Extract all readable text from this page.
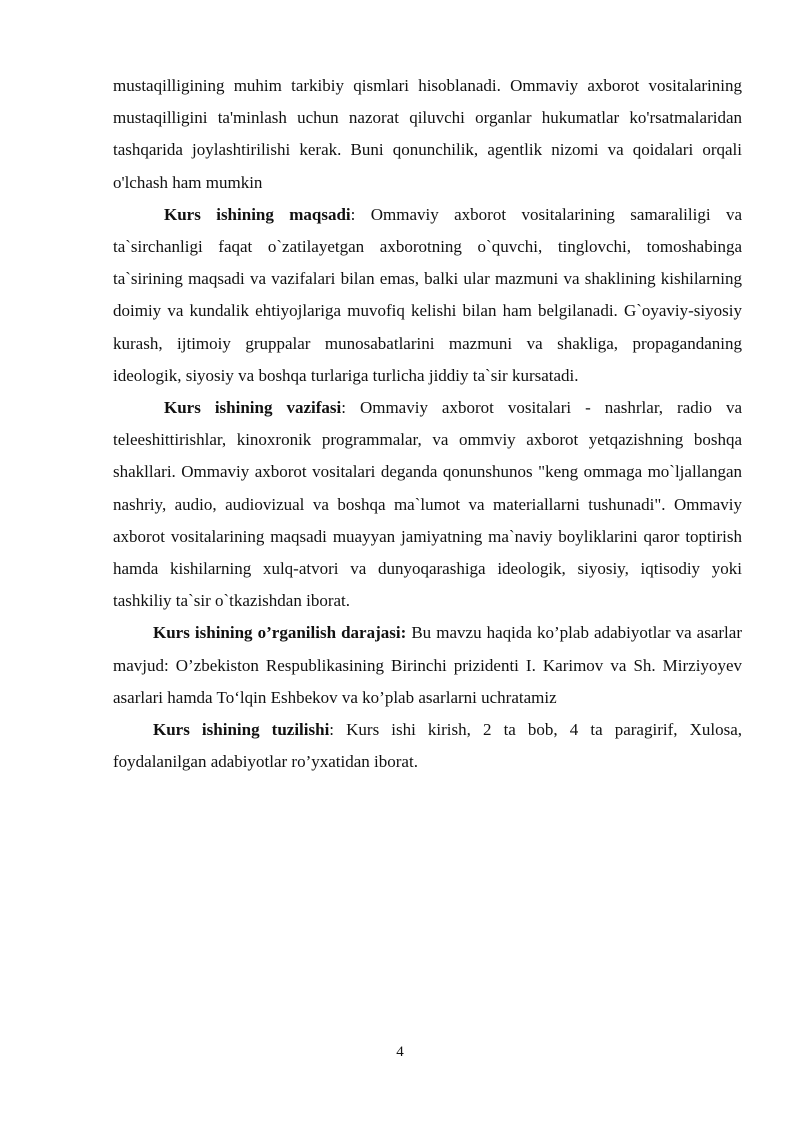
mustaqilligining muhim tarkibiy qismlari hisoblanadi. Ommaviy axborot vositalarining mustaqilligini ta'minlash uchun nazorat qiluvchi organlar hukumatlar ko'rsatmalaridan tashqarida joylashtirilishi kerak. Buni qonunchilik, agentlik nizomi va qoidalari orqali o'lchash ham mumkin

Kurs ishining maqsadi: Ommaviy axborot vositalarining samaraliligi va ta`sirchanligi faqat o`zatilayetgan axborotning o`quvchi, tinglovchi, tomoshabinga ta`sirining maqsadi va vazifalari bilan emas, balki ular mazmuni va shaklining kishilarning doimiy va kundalik ehtiyojlariga muvofiq kelishi bilan ham belgilanadi. G`oyaviy-siyosiy kurash, ijtimoiy gruppalar munosabatlarini mazmuni va shakliga, propagandaning ideologik, siyosiy va boshqa turlariga turlicha jiddiy ta`sir kursatadi.

Kurs ishining vazifasi: Ommaviy axborot vositalari - nashrlar, radio va teleeshittirishlar, kinoxronik programmalar, va ommviy axborot yetqazishning boshqa shakllari. Ommaviy axborot vositalari deganda qonunshunos "keng ommaga mo`ljallangan nashriy, audio, audiovizual va boshqa ma`lumot va materiallarni tushunadi". Ommaviy axborot vositalarining maqsadi muayyan jamiyatning ma`naviy boyliklarini qaror toptirish hamda kishilarning xulq-atvori va dunyoqarashiga ideologik, siyosiy, iqtisodiy yoki tashkiliy ta`sir o`tkazishdan iborat.

Kurs ishining o’rganilish darajasi: Bu mavzu haqida ko’plab adabiyotlar va asarlar mavjud: O’zbekiston Respublikasining Birinchi prizidenti I. Karimov va Sh. Mirziyoyev asarlari hamda To‘lqin Eshbekov va ko’plab asarlarni uchratamiz

Kurs ishining tuzilishi: Kurs ishi kirish, 2 ta bob, 4 ta paragirif, Xulosa, foydalanilgan adabiyotlar ro’yxatidan iborat.

4
